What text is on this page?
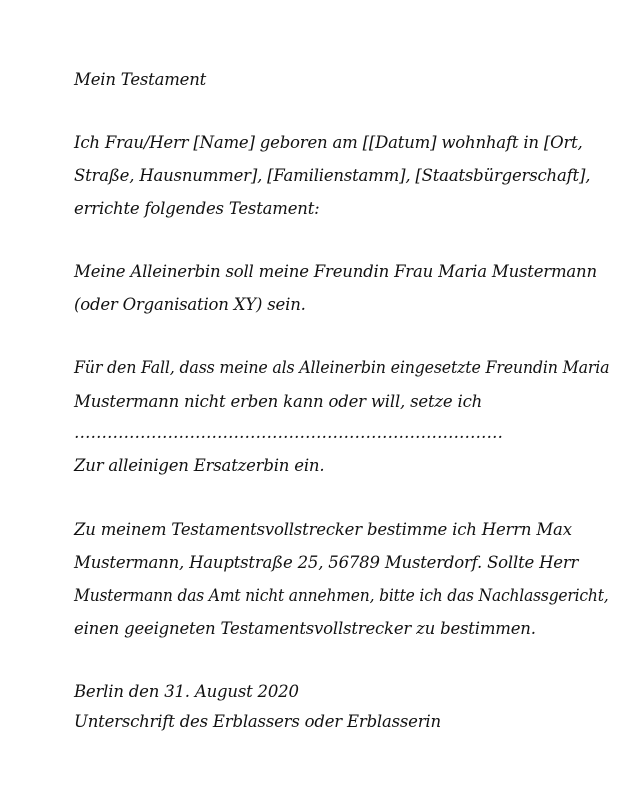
Mein Testament

Ich Frau/Herr [Name] geboren am [[Datum] wohnhaft in [Ort,

Straße, Hausnummer], [Familienstamm], [Staatsbürgerschaft],

errichte folgendes Testament:

Meine Alleinerbin soll meine Freundin Frau Maria Mustermann

(oder Organisation XY) sein.

Für den Fall, dass meine als Alleinerbin eingesetzte Freundin Maria

Mustermann nicht erben kann oder will, setze ich

……………………………………………………………………

Zur alleinigen Ersatzerbin ein.

Zu meinem Testamentsvollstrecker bestimme ich Herrn Max

Mustermann, Hauptstraße 25, 56789 Musterdorf. Sollte Herr

Mustermann das Amt nicht annehmen, bitte ich das Nachlassgericht,

einen geeigneten Testamentsvollstrecker zu bestimmen.

Berlin den 31. August 2020

Unterschrift des Erblassers oder Erblasserin
